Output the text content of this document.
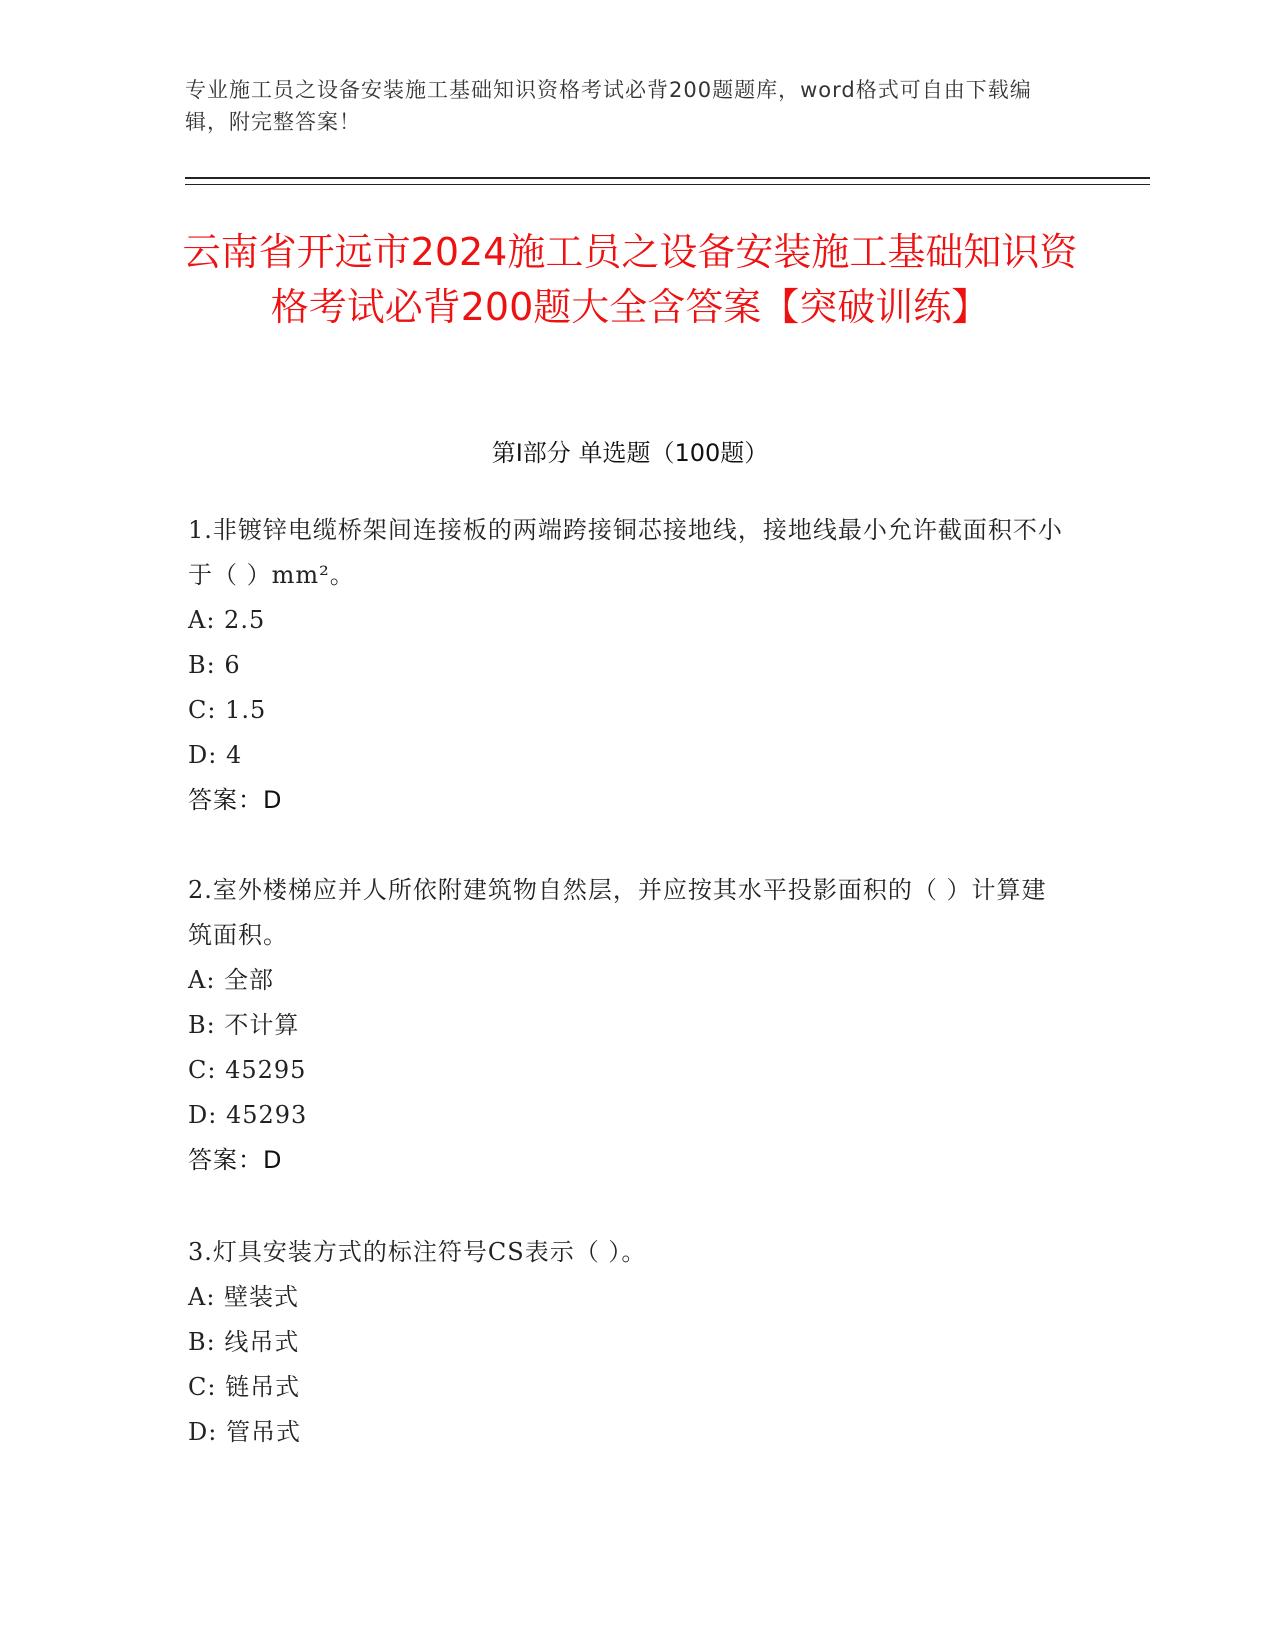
专业施工员之设备安装施工基础知识资格考试必背200题题库，word格式可自由下载编辑，附完整答案！
云南省开远市2024施工员之设备安装施工基础知识资格考试必背200题大全含答案【突破训练】
第I部分 单选题（100题）
1.非镀锌电缆桥架间连接板的两端跨接铜芯接地线，接地线最小允许截面积不小于（ ）mm²。
A: 2.5
B: 6
C: 1.5
D: 4
答案：D
2.室外楼梯应并人所依附建筑物自然层，并应按其水平投影面积的（ ）计算建筑面积。
A: 全部
B: 不计算
C: 45295
D: 45293
答案：D
3.灯具安装方式的标注符号CS表示（ ）。
A: 壁装式
B: 线吊式
C: 链吊式
D: 管吊式
